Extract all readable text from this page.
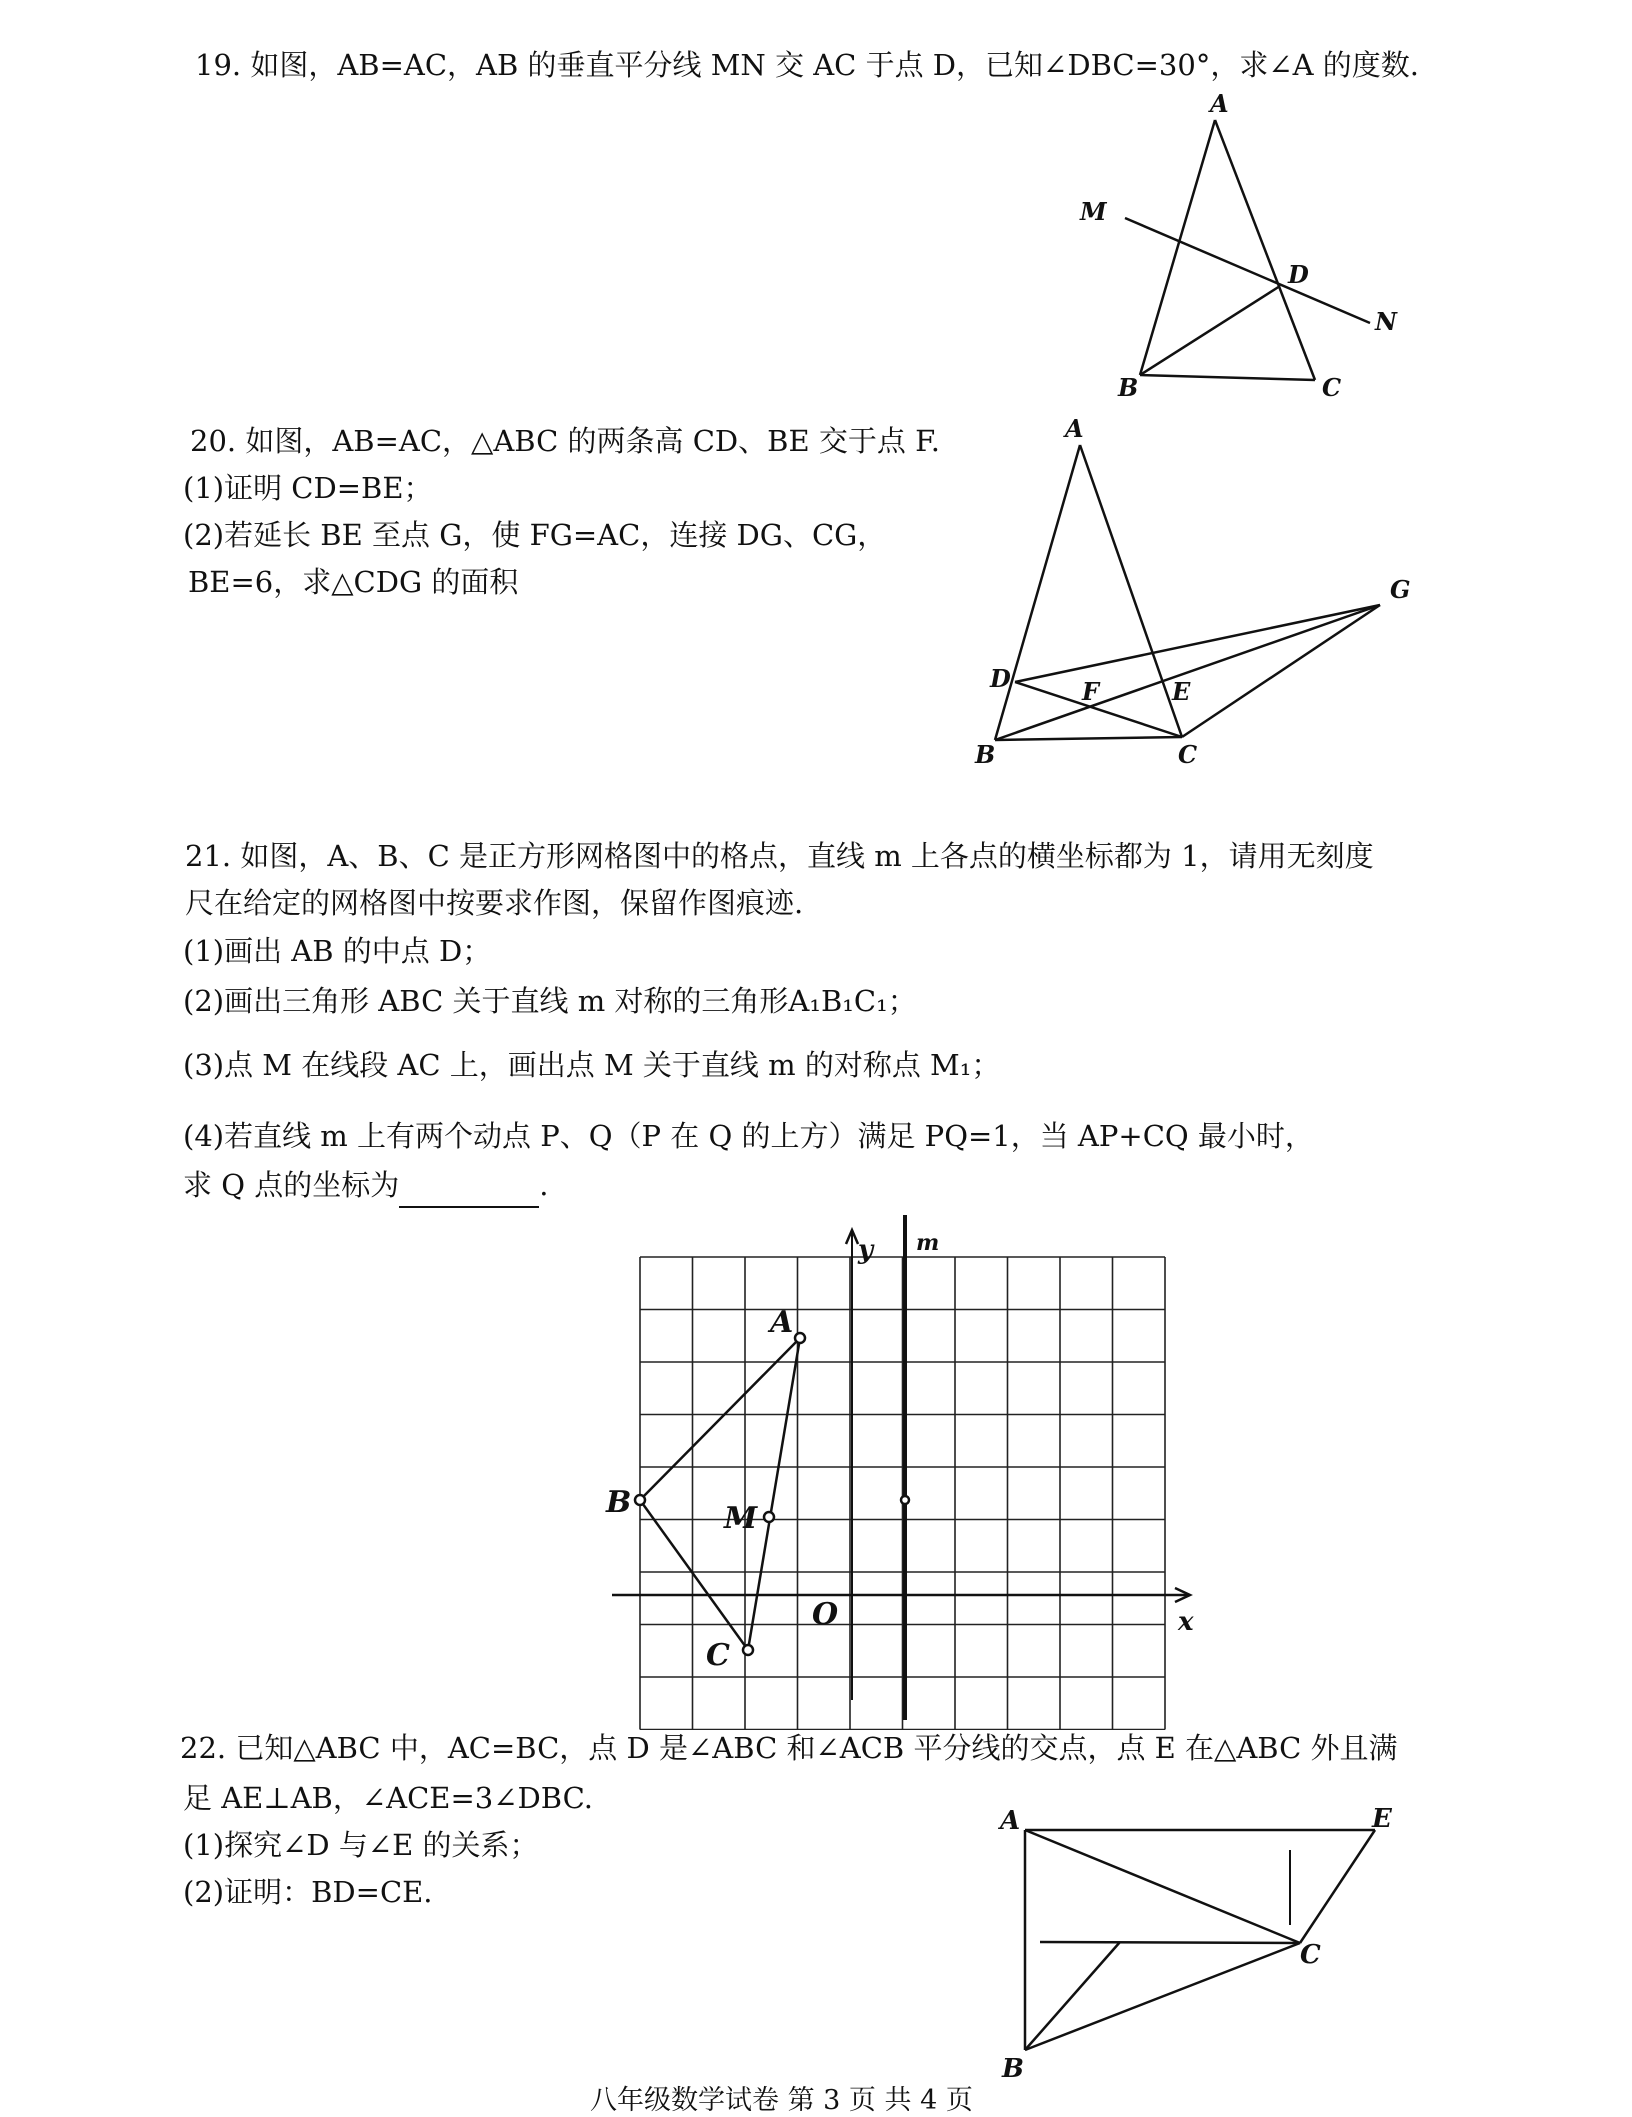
19. 如图，AB=AC，AB 的垂直平分线 MN 交 AC 于点 D，已知∠DBC=30°，求∠A 的度数.
A
M
D
N
B	C
20. 如图，AB=AC，△ABC 的两条高 CD、BE 交于点 F.
(1)证明 CD=BE；
(2)若延长 BE 至点 G，使 FG=AC，连接 DG、CG，
BE=6，求△CDG 的面积
A
G
D	F	E
B	C
21. 如图，A、B、C 是正方形网格图中的格点，直线 m 上各点的横坐标都为 1，请用无刻度
尺在给定的网格图中按要求作图，保留作图痕迹.
(1)画出 AB 的中点 D；
(2)画出三角形 ABC 关于直线 m 对称的三角形A₁B₁C₁；
(3)点 M 在线段 AC 上，画出点 M 关于直线 m 的对称点 M₁；
(4)若直线 m 上有两个动点 P、Q（P 在 Q 的上方）满足 PQ=1，当 AP+CQ 最小时，
求 Q 点的坐标为	.
y m
A
B	M
O
C
x
22. 已知△ABC 中，AC=BC，点 D 是∠ABC 和∠ACB 平分线的交点，点 E 在△ABC 外且满
足 AE⊥AB，∠ACE=3∠DBC.
(1)探究∠D 与∠E 的关系；
(2)证明：BD=CE.
A	E
C
B
八年级数学试卷 第 3 页 共 4 页
